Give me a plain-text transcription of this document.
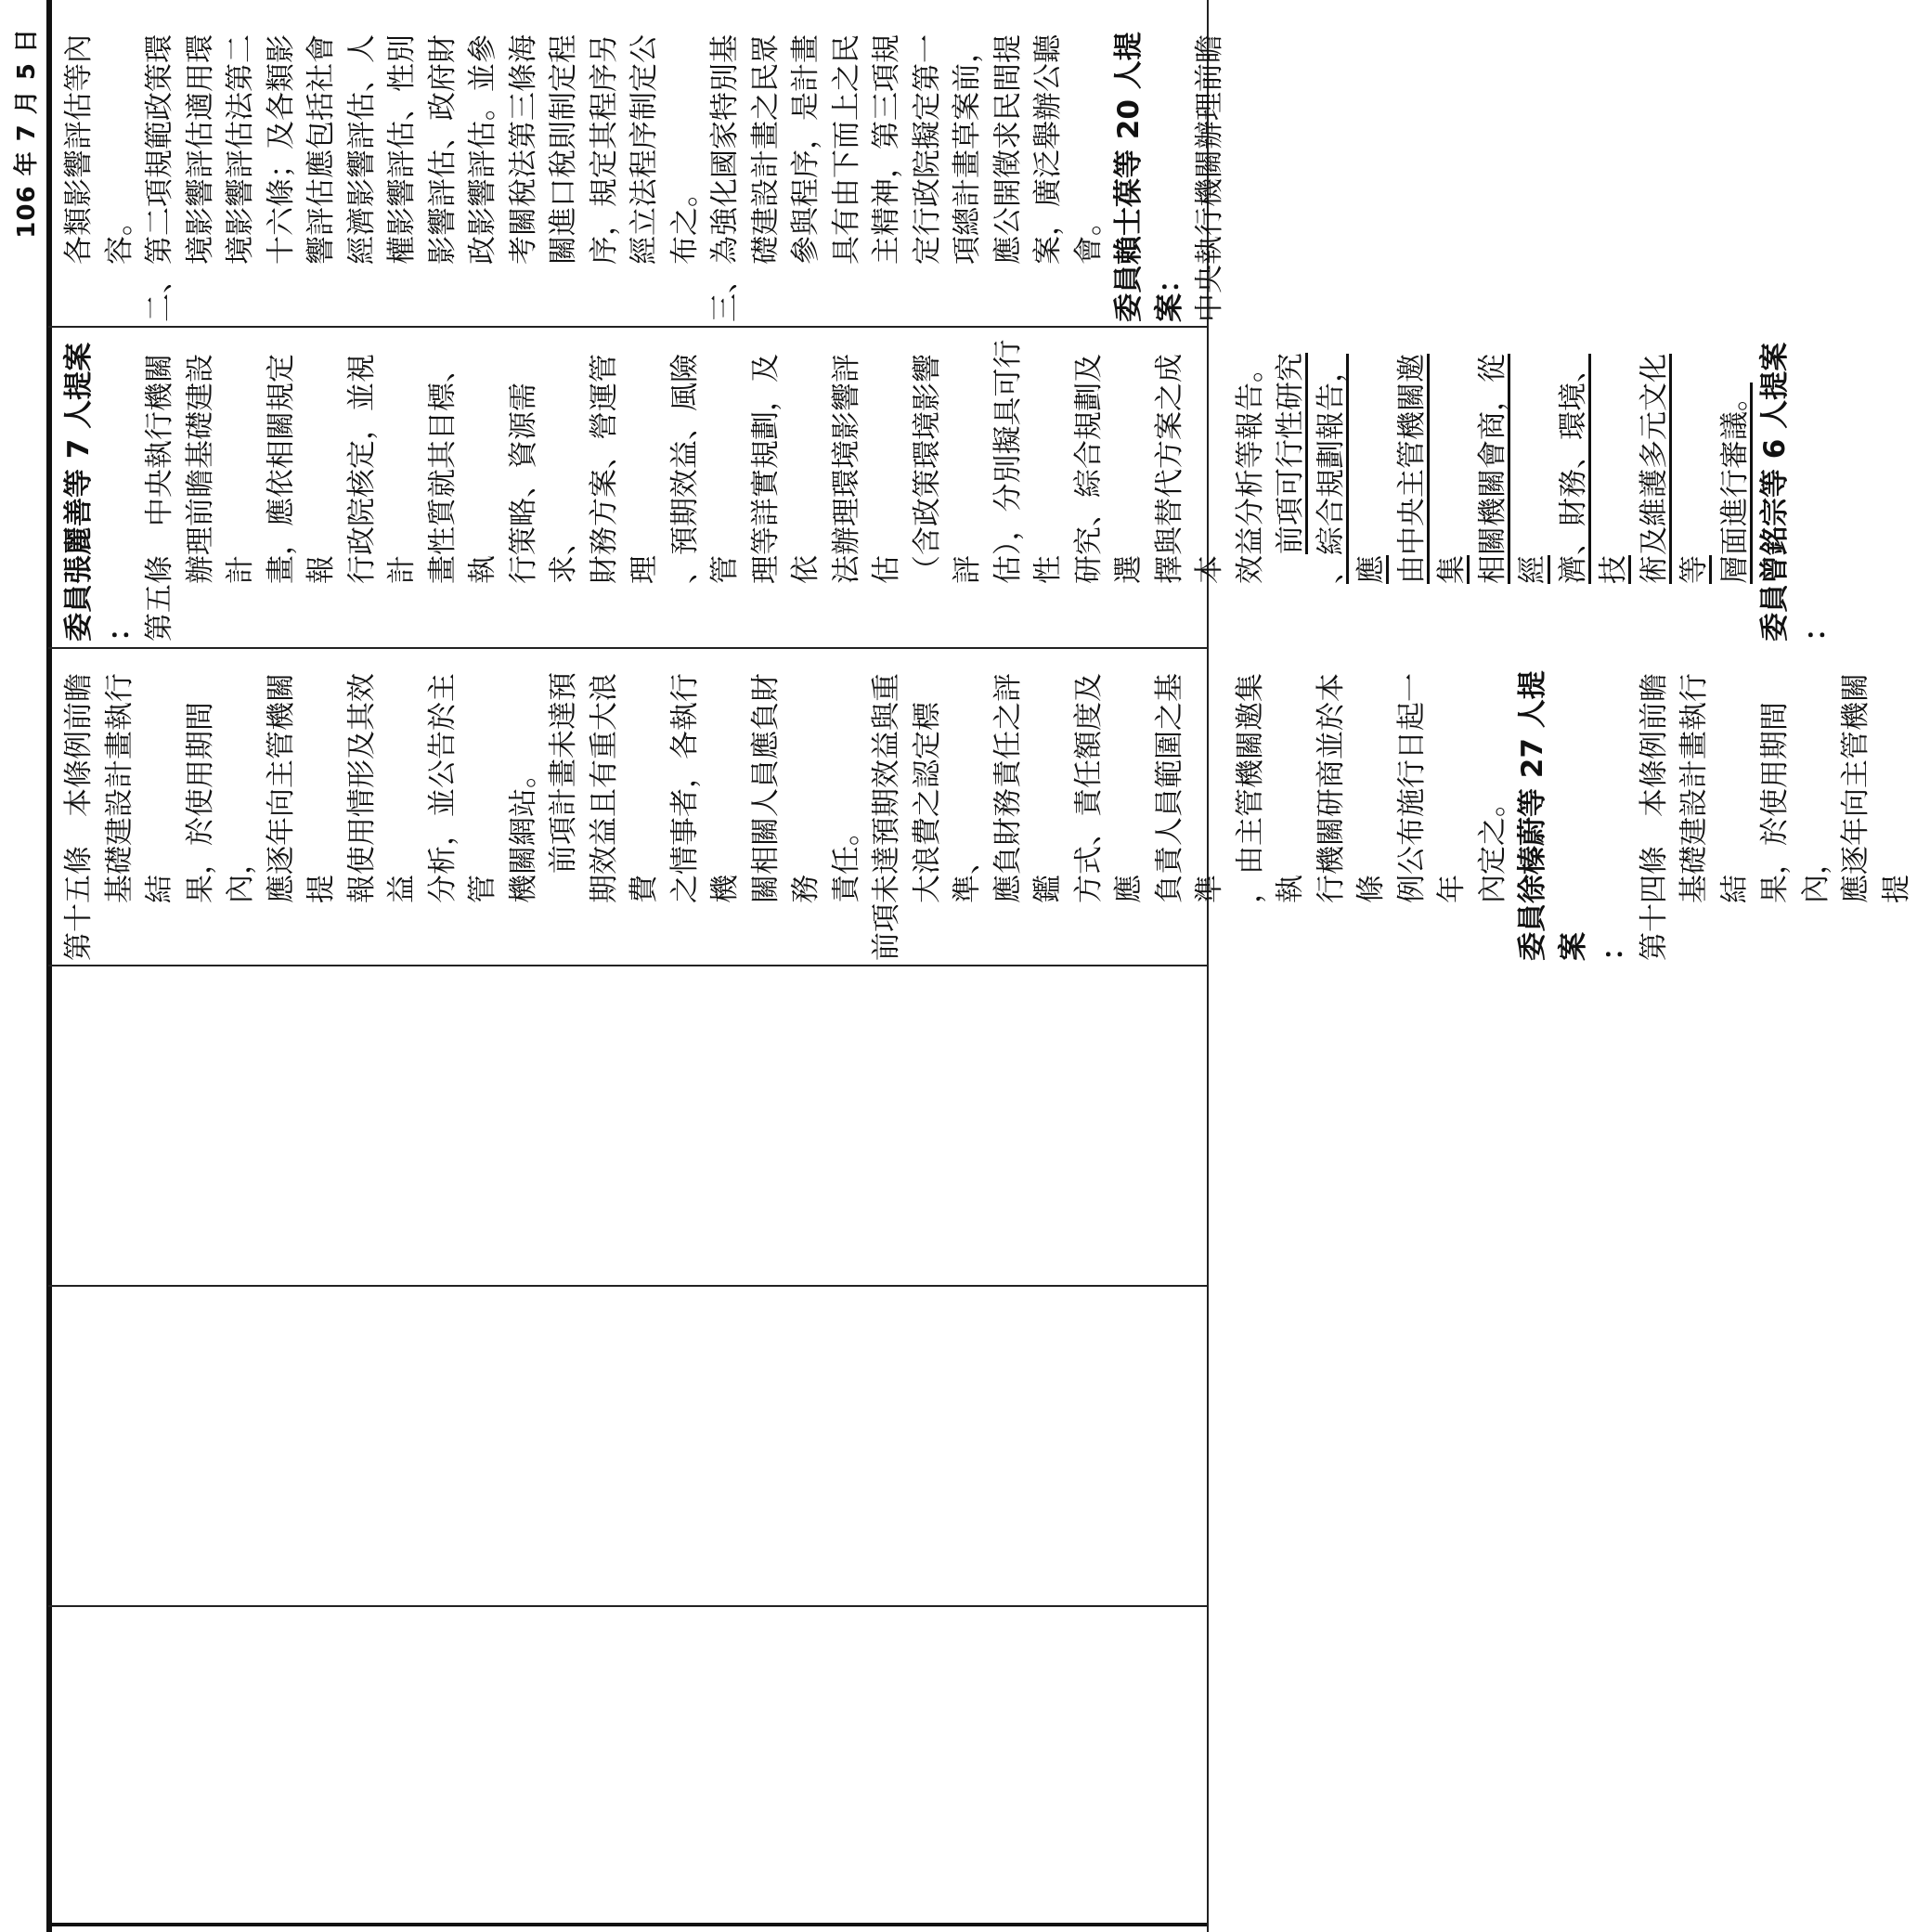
106 年 7 月 5 日 各類影響評估等內 容。 二、第二項規範政策環 境影響評估適用環 境影響評估法第二 十六條；及各類影 響評估應包括社會 經濟影響評估、人 權影響評估、性別 影響評估、政府財 政影響評估。並參 考關稅法第三條海 關進口稅則制定程 序，規定其程序另 經立法程序制定公 布之。 三、為強化國家特別基 礎建設計畫之民眾 參與程序，是計畫 具有由下而上之民 主精神，第三項規 定行政院擬定第一 項總計畫草案前， 應公開徵求民間提 案，廣泛舉辦公聽 會。 委員賴士葆等 20 人提案： 中央執行機關辦理前瞻

委員張麗善等 7 人提案 ： 第五條　中央執行機關 辦理前瞻基礎建設計 畫，應依相關規定報 行政院核定，並視計 畫性質就其目標、執 行策略、資源需求、 財務方案、營運管理 、預期效益、風險管 理等詳實規劃，及依 法辦理環境影響評估 （含政策環境影響評 估），分別擬具可行性 研究、綜合規劃及選 擇與替代方案之成本 效益分析等報告。 前項可行性研究 、綜合規劃報告，應 由中央主管機關邀集 相關機關會商，從經 濟、財務、環境、技 術及維護多元文化等 層面進行審議。 委員曾銘宗等 6 人提案 ：

第十五條　本條例前瞻 基礎建設計畫執行結 果，於使用期間內， 應逐年向主管機關提 報使用情形及其效益 分析，並公告於主管 機關網站。 前項計畫未達預 期效益且有重大浪費 之情事者，各執行機 關相關人員應負財務 責任。 前項未達預期效益與重 大浪費之認定標準、 應負財務責任之評鑑 方式、責任額度及應 負責人員範圍之基準 ，由主管機關邀集執 行機關研商並於本條 例公布施行日起一年 內定之。 委員徐榛蔚等 27 人提案 ： 第十四條　本條例前瞻 基礎建設計畫執行結 果，於使用期間內， 應逐年向主管機關提
